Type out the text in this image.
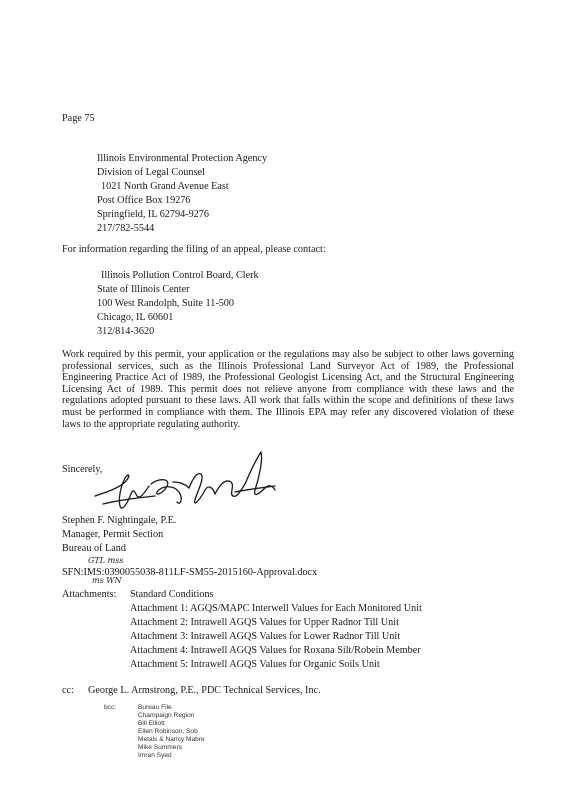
Page 75
Illinois Environmental Protection Agency
Division of Legal Counsel
1021 North Grand Avenue East
Post Office Box 19276
Springfield, IL 62794-9276
217/782-5544
For information regarding the filing of an appeal, please contact:
Illinois Pollution Control Board, Clerk
State of Illinois Center
100 West Randolph, Suite 11-500
Chicago, IL 60601
312/814-3620
Work required by this permit, your application or the regulations may also be subject to other laws governing professional services, such as the Illinois Professional Land Surveyor Act of 1989, the Professional Engineering Practice Act of 1989, the Professional Geologist Licensing Act, and the Structural Engineering Licensing Act of 1989. This permit does not relieve anyone from compliance with these laws and the regulations adopted pursuant to these laws. All work that falls within the scope and definitions of these laws must be performed in compliance with them. The Illinois EPA may refer any discovered violation of these laws to the appropriate regulating authority.
Sincerely,
Stephen F. Nightingale, P.E.
Manager, Permit Section
Bureau of Land
GTL mss
ms WN
SFN:IMS:0390055038-811LF-SM55-2015160-Approval.docx
Attachments: Standard Conditions
Attachment 1: AGQS/MAPC Interwell Values for Each Monitored Unit
Attachment 2: Intrawell AGQS Values for Upper Radnor Till Unit
Attachment 3: Intrawell AGQS Values for Lower Radnor Till Unit
Attachment 4: Intrawell AGQS Values for Roxana Silt/Robein Member
Attachment 5: Intrawell AGQS Values for Organic Soils Unit
cc: George L. Armstrong, P.E., PDC Technical Services, Inc.
bcc:	Bureau File
Champaign Region
Bill Elliott
Ellen Robinson, Sob
Metals & Nancy Mabre
Mike Summers
Imran Syed
